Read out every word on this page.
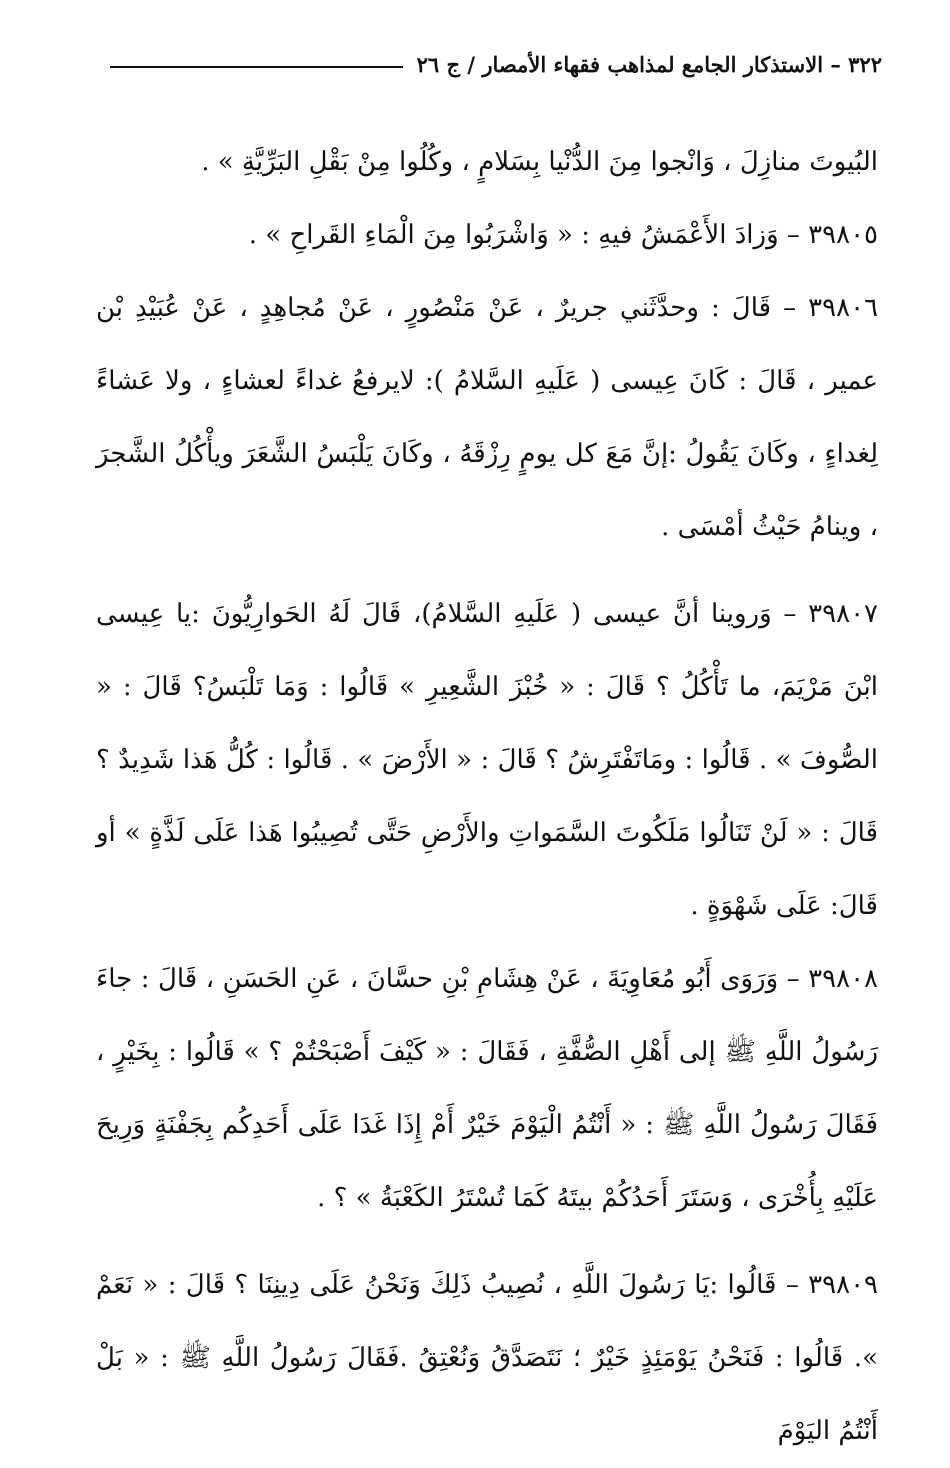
٣٢٢ – الاستذكار الجامع لمذاهب فقهاء الأمصار / ج ٢٦

البُيوتَ منازِلَ ، وَانْجوا مِنَ الدُّنْيا بِسَلامٍ ، وكُلُوا مِنْ بَقْلِ البَرِّيَّةِ » .

٣٩٨٠٥ – وَزادَ الأَعْمَشُ فيهِ : « وَاشْرَبُوا مِنَ الْمَاءِ القَراحِ » .

٣٩٨٠٦ – قَالَ : وحدَّثَني جريرٌ ، عَنْ مَنْصُورٍ ، عَنْ مُجاهِدٍ ، عَنْ عُبَيْدِ بْن عمير ، قَالَ : كَانَ عِيسى ( عَلَيهِ السَّلامُ ): لايرفعُ غداءً لعشاءٍ ، ولا عَشاءً لِغداءٍ ، وكَانَ يَقُولُ :إنَّ مَعَ كل يومٍ رِزْقَهُ ، وكَانَ يَلْبَسُ الشَّعَرَ ويأْكُلُ الشَّجرَ ، وينامُ حَيْثُ أمْسَى .

٣٩٨٠٧ – وَروينا أنَّ عيسى ( عَلَيهِ السَّلامُ)، قَالَ لَهُ الحَوارِيُّونَ :يا عِيسى ابْنَ مَرْيَمَ، ما تَأْكُلُ ؟ قَالَ : « خُبْزَ الشَّعِيرِ » قَالُوا : وَمَا تَلْبَسُ؟ قَالَ : « الصُّوفَ » . قَالُوا : ومَاتَفْتَرِشُ ؟ قَالَ : « الأَرْضَ » . قَالُوا : كُلُّ هَذا شَدِيدٌ ؟ قَالَ : « لَنْ تَنَالُوا مَلَكُوتَ السَّمَواتِ والأَرْضِ حَتَّى تُصِيبُوا هَذا عَلَى لَذَّةٍ » أو قَالَ: عَلَى شَهْوَةٍ .

٣٩٨٠٨ – وَرَوَى أَبُو مُعَاوِيَةَ ، عَنْ هِشَامِ بْنِ حسَّانَ ، عَنِ الحَسَنِ ، قَالَ : جاءَ رَسُولُ اللَّهِ ﷺ إلى أَهْلِ الصُّفَّةِ ، فَقَالَ : « كَيْفَ أَصْبَحْتُمْ ؟ » قَالُوا : بِخَيْرٍ ، فَقَالَ رَسُولُ اللَّهِ ﷺ : « أَنْتُمُ الْيَوْمَ خَيْرٌ أَمْ إِذَا غَدَا عَلَى أَحَدِكُم بِجَفْنَةٍ وَرِيحَ عَلَيْهِ بِأُخْرَى ، وَسَتَرَ أَحَدُكُمْ بيتَهُ كَمَا تُسْتَرُ الكَعْبَةُ » ؟ .

٣٩٨٠٩ – قَالُوا :يَا رَسُولَ اللَّهِ ، نُصِيبُ ذَلِكَ وَنَحْنُ عَلَى دِينِنَا ؟ قَالَ : « نَعَمْ ». قَالُوا : فَنَحْنُ يَوْمَئِذٍ خَيْرٌ ؛ نَتَصَدَّقُ وَنُعْتِقُ .فَقَالَ رَسُولُ اللَّهِ ﷺ : « بَلْ أَنْتُمُ اليَوْمَ
